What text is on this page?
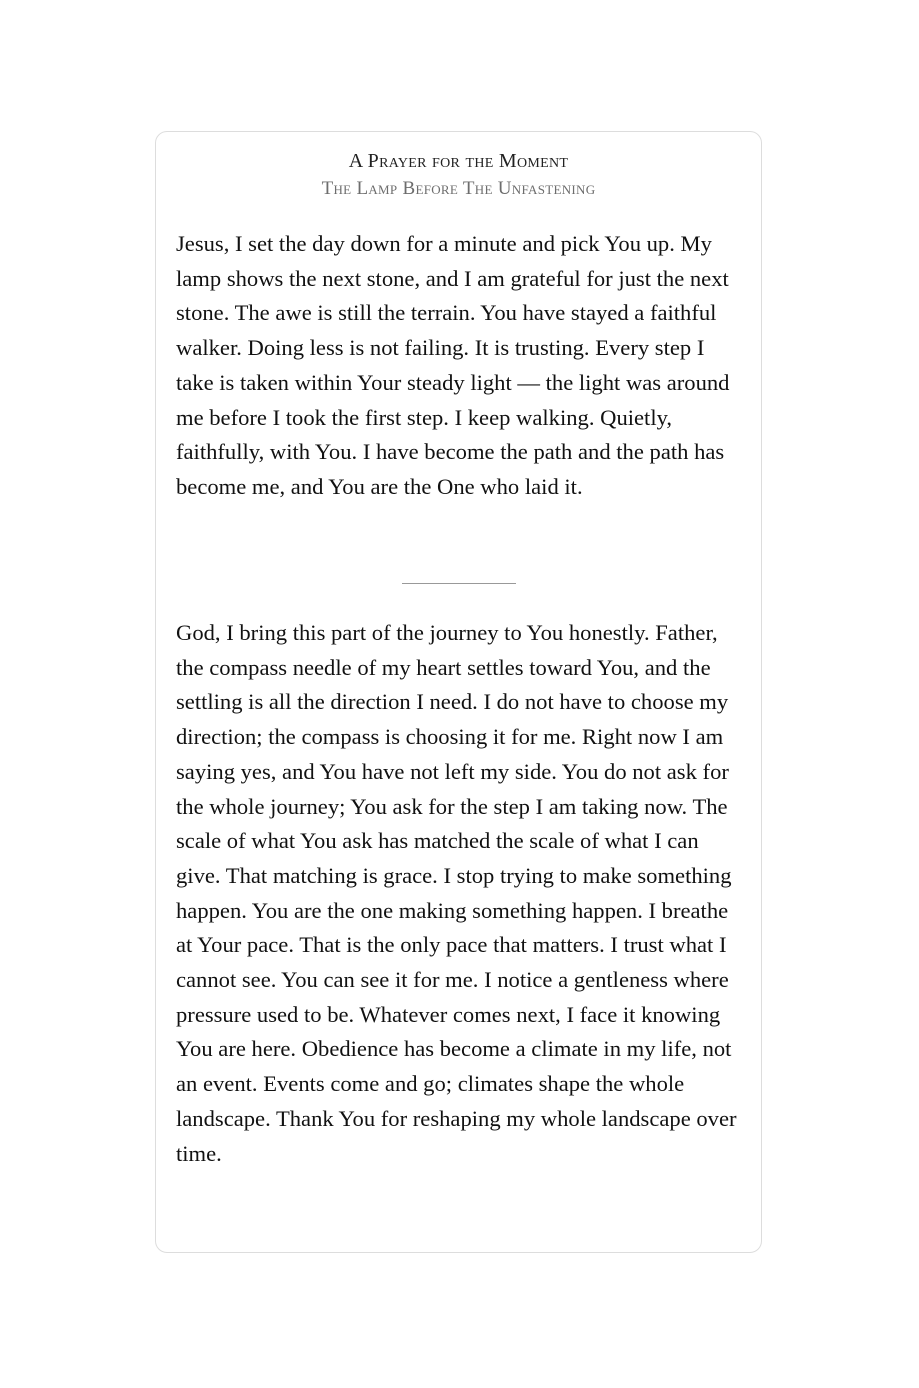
A Prayer for the Moment
The Lamp Before The Unfastening

Jesus, I set the day down for a minute and pick You up. My lamp shows the next stone, and I am grateful for just the next stone. The awe is still the terrain. You have stayed a faithful walker. Doing less is not failing. It is trusting. Every step I take is taken within Your steady light — the light was around me before I took the first step. I keep walking. Quietly, faithfully, with You. I have become the path and the path has become me, and You are the One who laid it.

God, I bring this part of the journey to You honestly. Father, the compass needle of my heart settles toward You, and the settling is all the direction I need. I do not have to choose my direction; the compass is choosing it for me. Right now I am saying yes, and You have not left my side. You do not ask for the whole journey; You ask for the step I am taking now. The scale of what You ask has matched the scale of what I can give. That matching is grace. I stop trying to make something happen. You are the one making something happen. I breathe at Your pace. That is the only pace that matters. I trust what I cannot see. You can see it for me. I notice a gentleness where pressure used to be. Whatever comes next, I face it knowing You are here. Obedience has become a climate in my life, not an event. Events come and go; climates shape the whole landscape. Thank You for reshaping my whole landscape over time.
